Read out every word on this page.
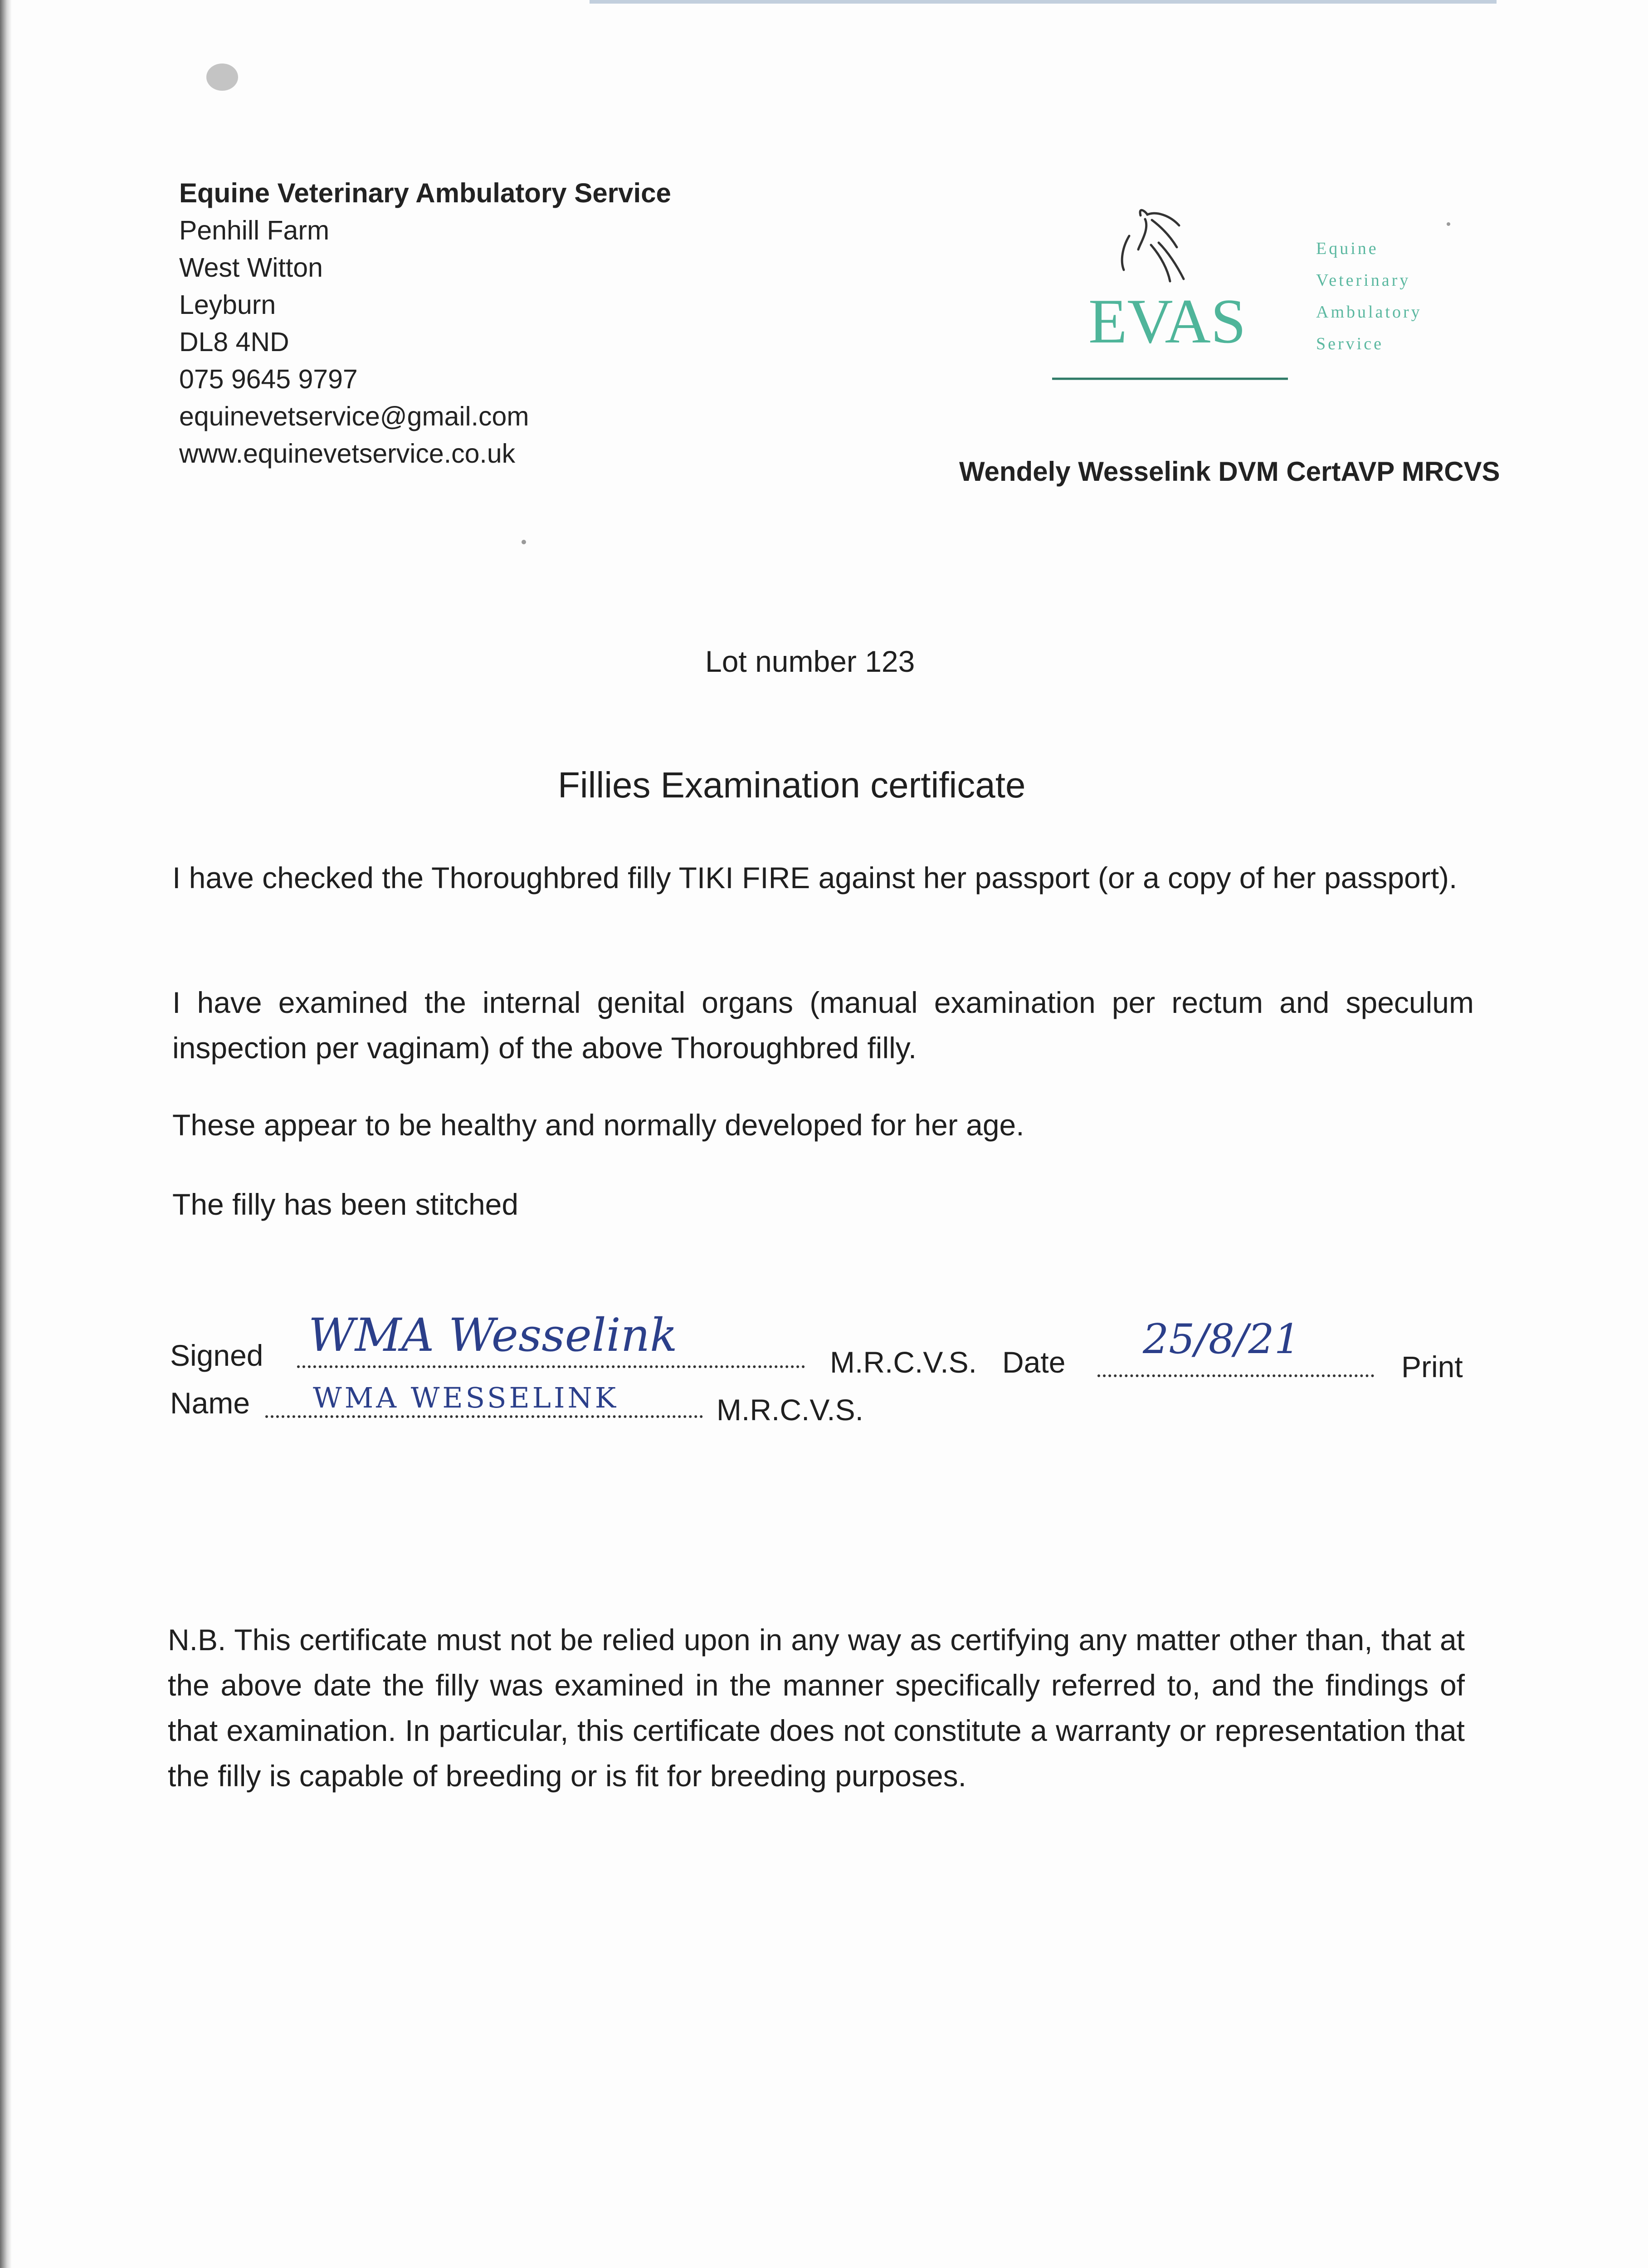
Equine Veterinary Ambulatory Service
Penhill Farm
West Witton
Leyburn
DL8 4ND
075 9645 9797
equinevetservice@gmail.com
www.equinevetservice.co.uk
EVAS
Equine
Veterinary
Ambulatory
Service
Wendely Wesselink DVM CertAVP MRCVS
Lot number 123
Fillies Examination certificate
I have checked the Thoroughbred filly TIKI FIRE against her passport (or a copy of her passport).
I have examined the internal genital organs (manual examination per rectum and speculum inspection per vaginam) of the above Thoroughbred filly.
These appear to be healthy and normally developed for her age.
The filly has been stitched
Signed WMA Wesselink
M.R.C.V.S. Date 25/8/21
Print
Name WMA WESSELINK	M.R.C.V.S.
N.B. This certificate must not be relied upon in any way as certifying any matter other than, that at the above date the filly was examined in the manner specifically referred to, and the findings of that examination. In particular, this certificate does not constitute a warranty or representation that the filly is capable of breeding or is fit for breeding purposes.
